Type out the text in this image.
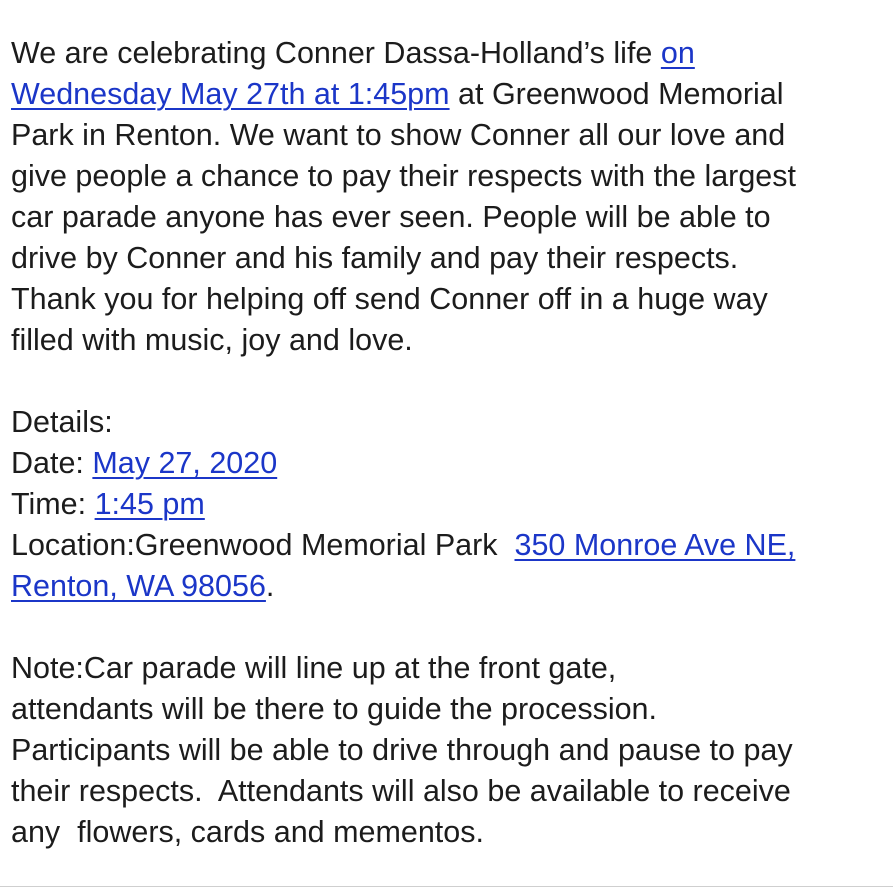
We are celebrating Conner Dassa-Holland’s life on
Wednesday May 27th at 1:45pm at Greenwood Memorial
Park in Renton. We want to show Conner all our love and
give people a chance to pay their respects with the largest
car parade anyone has ever seen. People will be able to
drive by Conner and his family and pay their respects.
Thank you for helping off send Conner off in a huge way
filled with music, joy and love.
Details:
Date: May 27, 2020
Time: 1:45 pm
Location:Greenwood Memorial Park  350 Monroe Ave NE,
Renton, WA 98056.
Note:Car parade will line up at the front gate,
attendants will be there to guide the procession.
Participants will be able to drive through and pause to pay
their respects.  Attendants will also be available to receive
any  flowers, cards and mementos.
